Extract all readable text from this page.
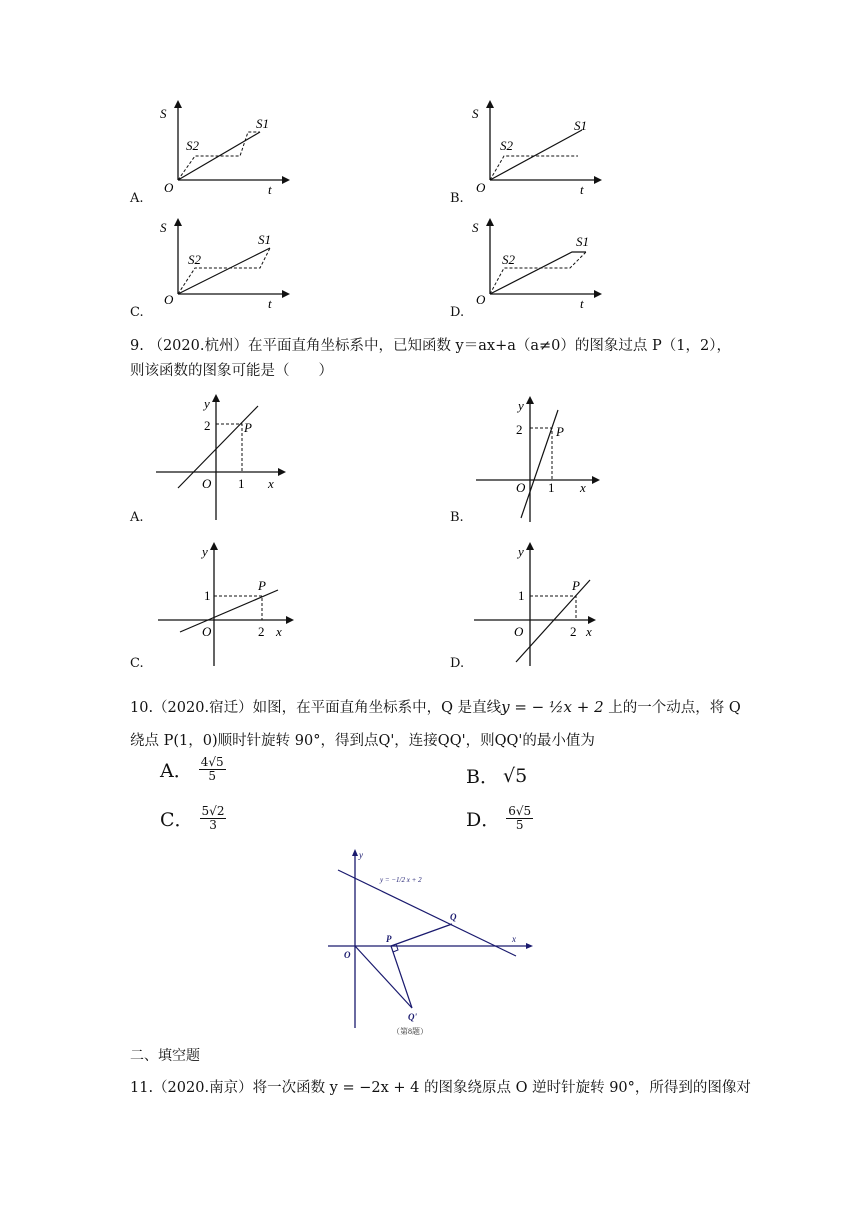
S
t
O
S1
S2
A.
S
t
O
S1
S2
B.
S
t
O
S1
S2
C.
S
t
O
S1
S2
D.
9. （2020.杭州）在平面直角坐标系中，已知函数 y＝ax+a（a≠0）的图象过点 P（1，2），
则该函数的图象可能是（　　）
y
x
O
P
1
2
A.
y
x
O
P
1
2
B.
y
x
O
P
2
1
C.
y
x
O
P
2
1
D.
10.（2020.宿迁）如图，在平面直角坐标系中，Q 是直线y = − ½x + 2 上的一个动点，将 Q
绕点 P(1，0)顺时针旋转 90°，得到点Q'，连接QQ'，则QQ'的最小值为
A． $\frac{4√5}{5}$	B． √5
C． $\frac{5√2}{3}$	D． $\frac{6√5}{5}$
y
x
O
P
Q
Q'
y = −1/2 x + 2
（第8题）
二、填空题
11.（2020.南京）将一次函数 y = −2x + 4 的图象绕原点 O 逆时针旋转 90°，所得到的图像对
